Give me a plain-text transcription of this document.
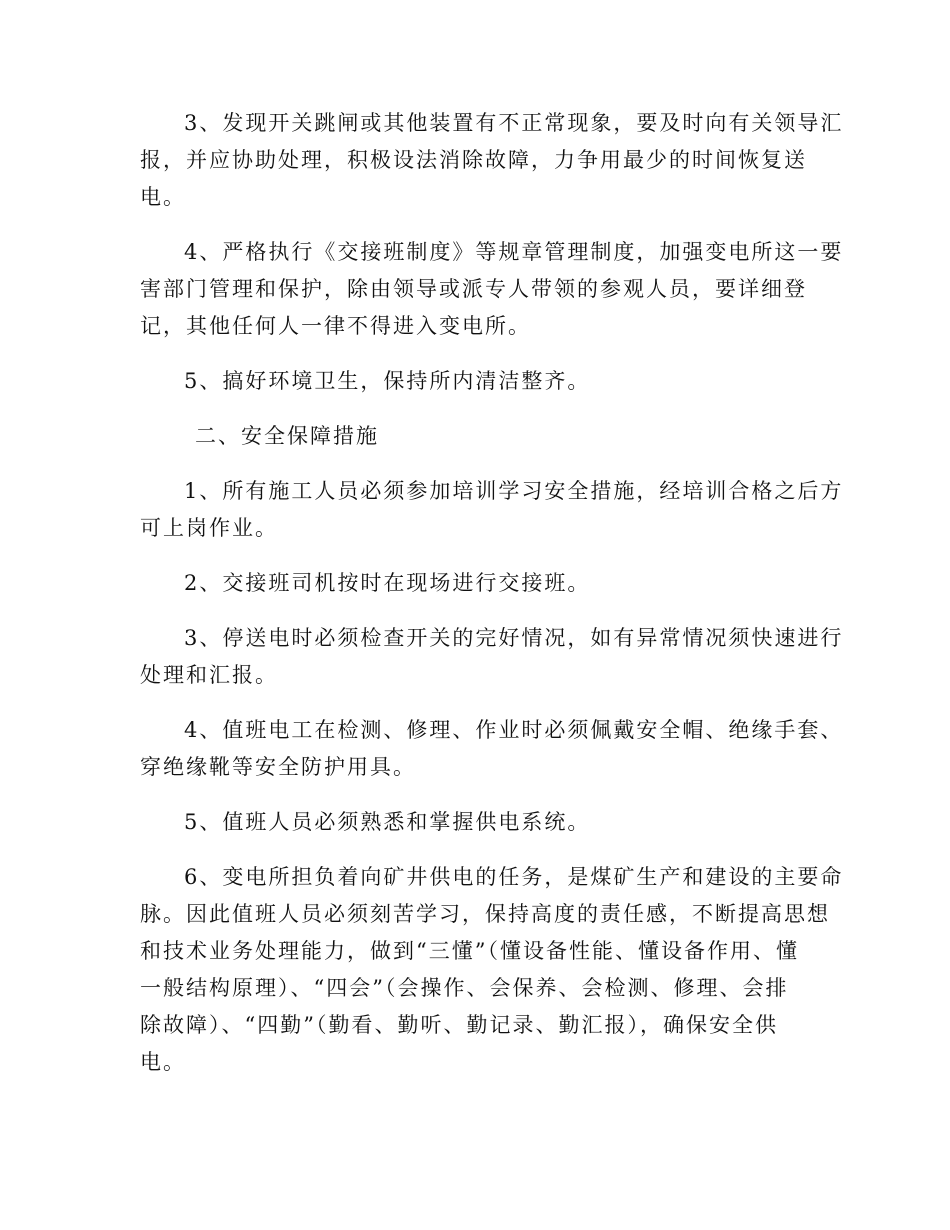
3、发现开关跳闸或其他装置有不正常现象，要及时向有关领导汇
报，并应协助处理，积极设法消除故障，力争用最少的时间恢复送
电。
4、严格执行《交接班制度》等规章管理制度，加强变电所这一要
害部门管理和保护，除由领导或派专人带领的参观人员，要详细登
记，其他任何人一律不得进入变电所。
5、搞好环境卫生，保持所内清洁整齐。
二、安全保障措施
1、所有施工人员必须参加培训学习安全措施，经培训合格之后方
可上岗作业。
2、交接班司机按时在现场进行交接班。
3、停送电时必须检查开关的完好情况，如有异常情况须快速进行
处理和汇报。
4、值班电工在检测、修理、作业时必须佩戴安全帽、绝缘手套、
穿绝缘靴等安全防护用具。
5、值班人员必须熟悉和掌握供电系统。
6、变电所担负着向矿井供电的任务，是煤矿生产和建设的主要命
脉。因此值班人员必须刻苦学习，保持高度的责任感，不断提高思想
和技术业务处理能力，做到“三懂”（懂设备性能、懂设备作用、懂
一般结构原理）、“四会”（会操作、会保养、会检测、修理、会排
除故障）、“四勤”（勤看、勤听、勤记录、勤汇报），确保安全供
电。
